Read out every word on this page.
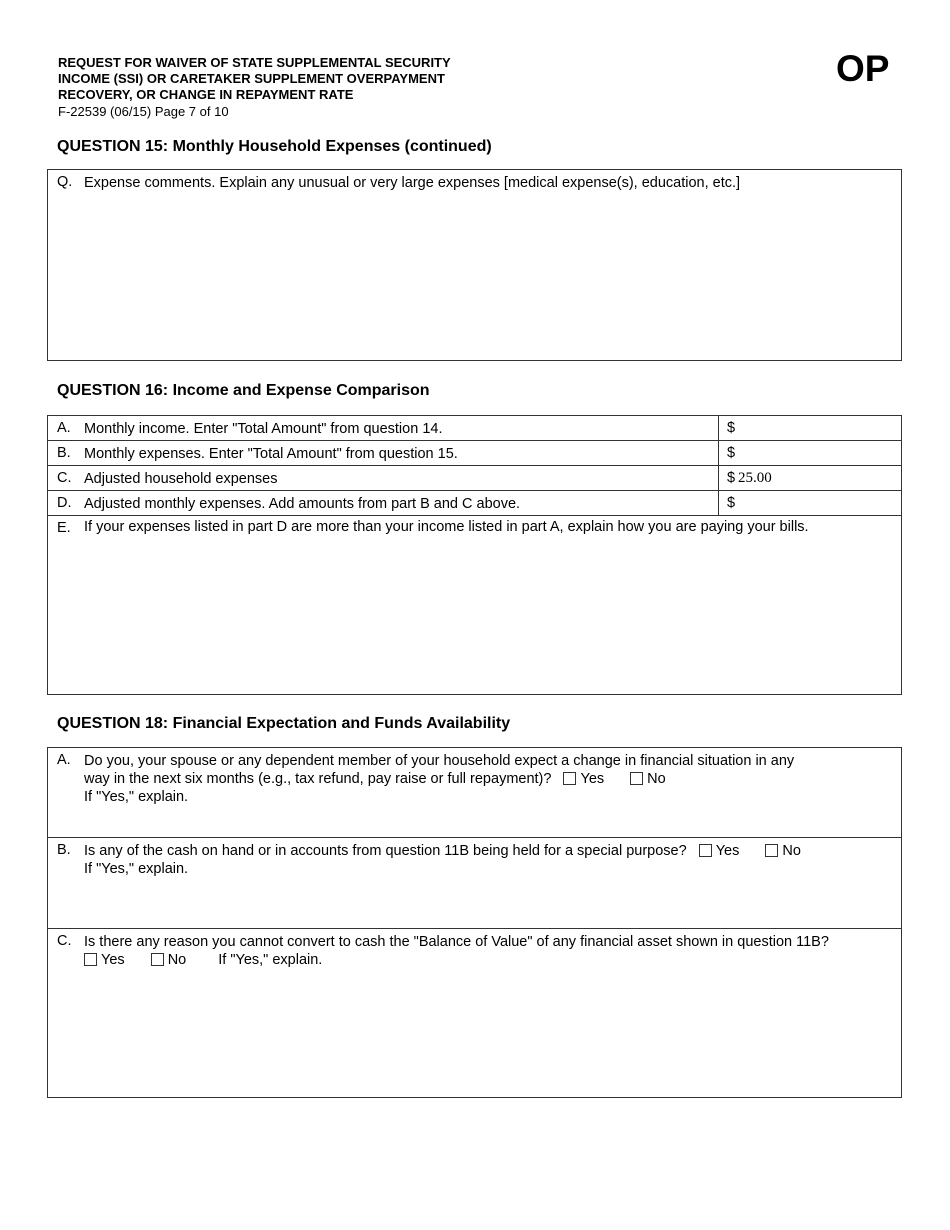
REQUEST FOR WAIVER OF STATE SUPPLEMENTAL SECURITY
INCOME (SSI) OR CARETAKER SUPPLEMENT OVERPAYMENT
RECOVERY, OR CHANGE IN REPAYMENT RATE
F-22539 (06/15) Page 7 of 10
OP
QUESTION 15: Monthly Household Expenses (continued)
Q. Expense comments. Explain any unusual or very large expenses [medical expense(s), education, etc.]
QUESTION 16: Income and Expense Comparison
A. Monthly income. Enter "Total Amount" from question 14.	$
B. Monthly expenses. Enter "Total Amount" from question 15.	$
C. Adjusted household expenses	$ 25.00
D. Adjusted monthly expenses. Add amounts from part B and C above.	$
E. If your expenses listed in part D are more than your income listed in part A, explain how you are paying your bills.
QUESTION 18: Financial Expectation and Funds Availability
A. Do you, your spouse or any dependent member of your household expect a change in financial situation in any
way in the next six months (e.g., tax refund, pay raise or full repayment)? Yes	No
If "Yes," explain.
B. Is any of the cash on hand or in accounts from question 11B being held for a special purpose? Yes	No
If "Yes," explain.
C. Is there any reason you cannot convert to cash the "Balance of Value" of any financial asset shown in question 11B?
Yes	No If "Yes," explain.
